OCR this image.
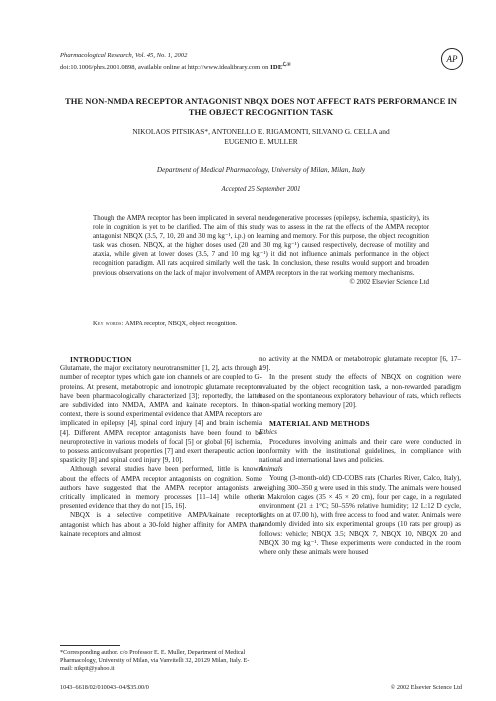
Pharmacological Research, Vol. 45, No. 1, 2002
doi:10.1006/phrs.2001.0898, available online at http://www.idealibrary.com on $IDE^{ℒ®}$
AP
THE NON-NMDA RECEPTOR ANTAGONIST NBQX DOES NOT AFFECT RATS PERFORMANCE IN THE OBJECT RECOGNITION TASK
NIKOLAOS PITSIKAS*, ANTONELLO E. RIGAMONTI, SILVANO G. CELLA and
EUGENIO E. MULLER
Department of Medical Pharmacology, University of Milan, Milan, Italy
Accepted 25 September 2001
Though the AMPA receptor has been implicated in several neudegenerative processes (epilepsy, ischemia, spasticity), its role in cognition is yet to be clarified. The aim of this study was to assess in the rat the effects of the AMPA receptor antagonist NBQX (3.5, 7, 10, 20 and 30 mg kg⁻¹, i.p.) on learning and memory. For this purpose, the object recognition task was chosen. NBQX, at the higher doses used (20 and 30 mg kg⁻¹) caused respectively, decrease of motility and ataxia, while given at lower doses (3.5, 7 and 10 mg kg⁻¹) it did not influence animals performance in the object recognition paradigm. All rats acquired similarly well the task. In conclusion, these results would support and broaden previous observations on the lack of major involvement of AMPA receptors in the rat working memory mechanisms.
© 2002 Elsevier Science Ltd
Key words: AMPA receptor, NBQX, object recognition.

INTRODUCTION

Glutamate, the major excitatory neurotransmitter [1, 2], acts through a number of receptor types which gate ion channels or are coupled to G-proteins. At present, metabotropic and ionotropic glutamate receptors have been pharmacologically characterized [3]; reportedly, the latter are subdivided into NMDA, AMPA and kainate receptors. In this context, there is sound experimental evidence that AMPA receptors are implicated in epilepsy [4], spinal cord injury [4] and brain ischemia [4]. Different AMPA receptor antagonists have been found to be neuroprotective in various models of focal [5] or global [6] ischemia, to possess anticonvulsant properties [7] and exert therapeutic action in spasticity [8] and spinal cord injury [9, 10].

Although several studies have been performed, little is known about the effects of AMPA receptor antagonists on cognition. Some authors have suggested that the AMPA receptor antagonists are critically implicated in memory processes [11–14] while others presented evidence that they do not [15, 16].

NBQX is a selective competitive AMPA/kainate receptors antagonist which has about a 30-fold higher affinity for AMPA than kainate receptors and almost

no activity at the NMDA or metabotropic glutamate receptor [6, 17–19].

In the present study the effects of NBQX on cognition were evaluated by the object recognition task, a non-rewarded paradigm based on the spontaneous exploratory behaviour of rats, which reflects non-spatial working memory [20].

MATERIAL AND METHODS

Ethics

Procedures involving animals and their care were conducted in conformity with the institutional guidelines, in compliance with national and international laws and policies.

Animals

Young (3-month-old) CD-COBS rats (Charles River, Calco, Italy), weighing 300–350 g were used in this study. The animals were housed in Makrolon cages (35 × 45 × 20 cm), four per cage, in a regulated environment (21 ± 1°C; 50–55% relative humidity; 12 L:12 D cycle, lights on at 07.00 h), with free access to food and water. Animals were randomly divided into six experimental groups (10 rats per group) as follows: vehicle; NBQX 3.5; NBQX 7, NBQX 10, NBQX 20 and NBQX 30 mg kg⁻¹. These experiments were conducted in the room where only these animals were housed

*Corresponding author. c/o Professor E. E. Muller, Department of Medical Pharmacology, University of Milan, via Vanvitelli 32, 20129 Milan, Italy. E-mail: nikpit@yahoo.it
1043–6618/02/010043–04/$35.00/0	© 2002 Elsevier Science Ltd
